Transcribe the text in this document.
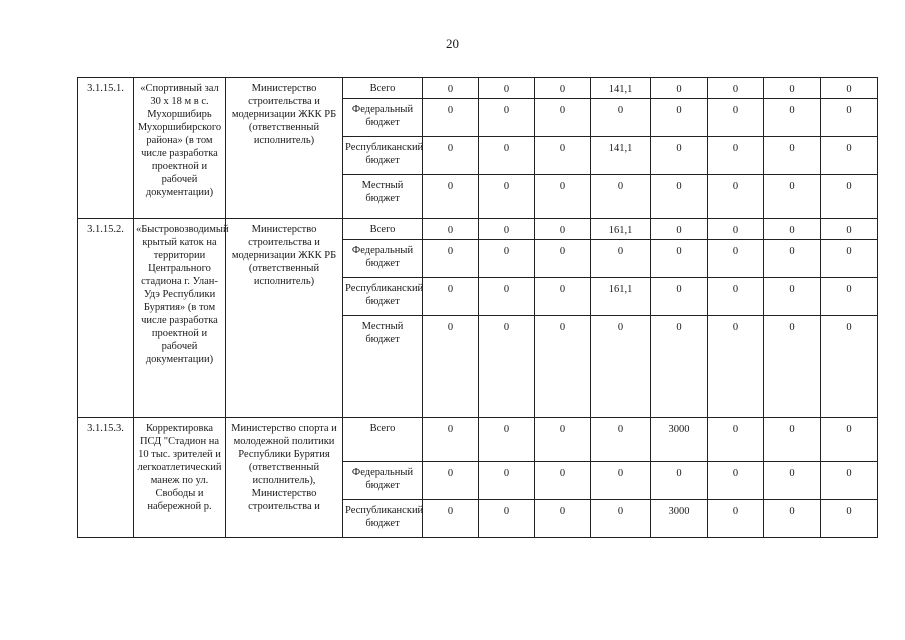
20
3.1.15.1.	«Спортивный зал 30 х 18 м в с. Мухоршибирь Мухоршибирского района» (в том числе разработка проектной и рабочей документации)	Министерство строительства и модернизации ЖКК РБ (ответственный исполнитель)	Всего	0	0	0	141,1	0	0	0	0
			Федеральный бюджет	0	0	0	0	0	0	0	0
			Республиканский бюджет	0	0	0	141,1	0	0	0	0
			Местный бюджет	0	0	0	0	0	0	0	0
3.1.15.2.	«Быстровозводимый крытый каток на территории Центрального стадиона г. Улан-Удэ Республики Бурятия» (в том числе разработка проектной и рабочей документации)	Министерство строительства и модернизации ЖКК РБ (ответственный исполнитель)	Всего	0	0	0	161,1	0	0	0	0
			Федеральный бюджет	0	0	0	0	0	0	0	0
			Республиканский бюджет	0	0	0	161,1	0	0	0	0
			Местный бюджет	0	0	0	0	0	0	0	0
3.1.15.3.	Корректировка ПСД "Стадион на 10 тыс. зрителей и легкоатлетический манеж по ул. Свободы и набережной р.	Министерство спорта и молодежной политики Республики Бурятия (ответственный исполнитель), Министерство строительства и	Всего	0	0	0	0	3000	0	0	0
			Федеральный бюджет	0	0	0	0	0	0	0	0
			Республиканский бюджет	0	0	0	0	3000	0	0	0
